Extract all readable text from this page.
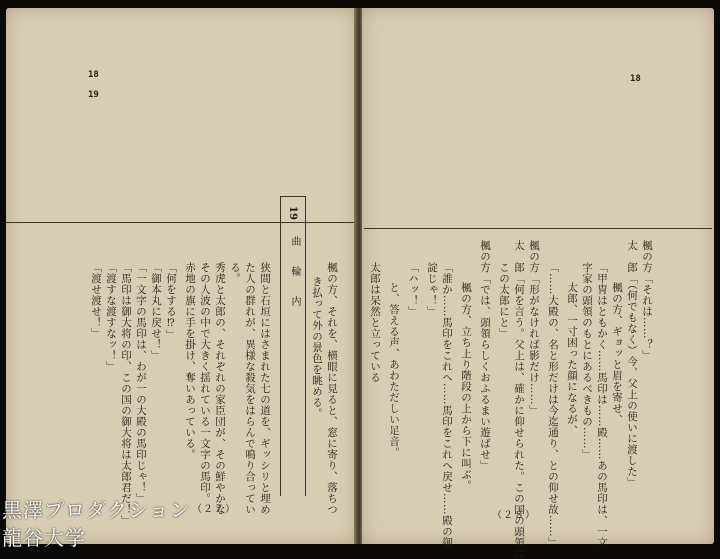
18
19
19
曲　　輪　　内 楓の方、それを、横眼に見ると、窓に寄り、落ちつ
き払って外の景色を眺める。
狭間と石垣にはさまれた七の道を、ギッシリと埋め
た人の群れが、異様な殺気をはらんで鳴り合ってい
る。
秀虎と太郎の、それぞれの家臣団が、その鮮やかな
その人波の中で大きく揺れている一文字の馬印。
赤地の旗に手を掛け、奪いあっている。
「何をする⁉」
「御本丸に戻せ！」
「一文字の馬印は、わが一の大殿の馬印じゃ！」
「馬印は御大将の印、この国の御大将は太郎君だ！」
「渡すな渡すなッ！」
「渡せ渡せ！」
（２７）
18
楓の方「それは……？」
太　郎「（何でもなく）今、父上の使いに渡した」
楓の方、ギョッと眉を寄せ、
「甲冑はともかく……馬印は……殿……あの馬印は、一文
字家の頭領のもとにあるべきもの……」
太郎、一寸困った顔になるが、
「……大殿の、名と形だけは今迄通り、との仰せ故……」
楓の方「形がなければ影だけ……」
太　郎「何を言う。父上は、確かに仰せられた。この国の頭領は
この太郎にと」
楓の方「では、頭領らしくおふるまい遊ばせ」
楓の方、立ち上り階段の上から下に叫ぶ。
「誰か……馬印をこれへ……馬印をこれへ戻せ……殿の御
諚じゃ！」
「ハッ！」
と、答える声、あわただしい足音。
太郎は呆然と立っている
（２８）
黒澤プロダクション
龍谷大学
